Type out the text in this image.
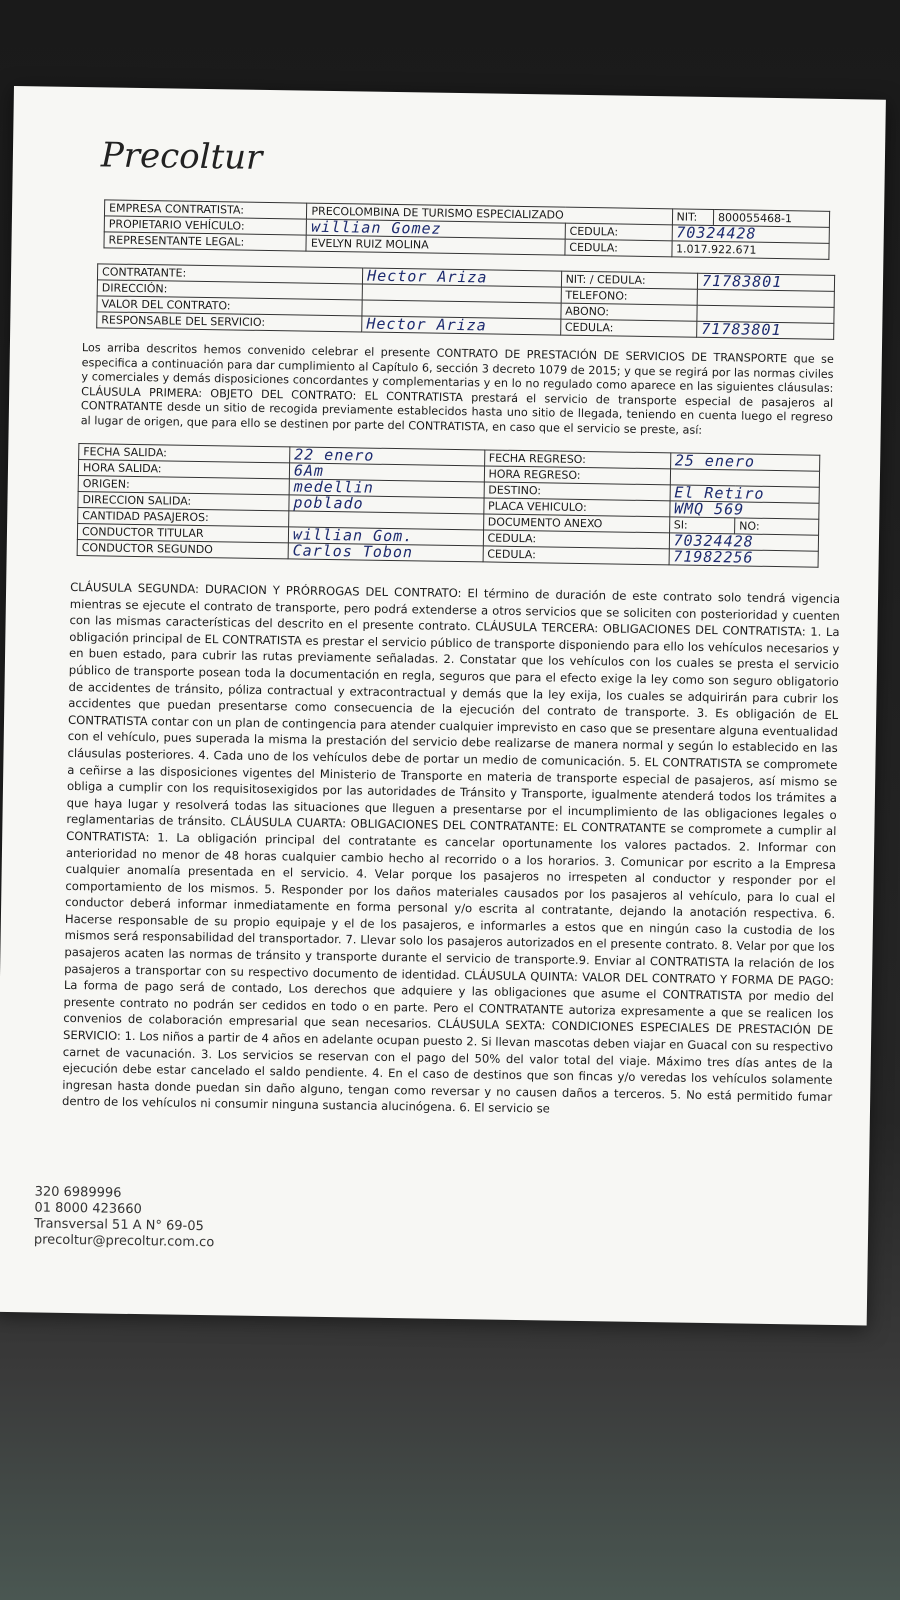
Precoltur
EMPRESA CONTRATISTA:	PRECOLOMBINA DE TURISMO ESPECIALIZADO		NIT:	800055468-1
PROPIETARIO VEHÍCULO:	willian Gomez	CEDULA:	70324428	
REPRESENTANTE LEGAL:	EVELYN RUIZ MOLINA	CEDULA:	1.017.922.671	
CONTRATANTE:	Hector Ariza	NIT: / CEDULA:	71783801
DIRECCIÓN:		TELEFONO:	
VALOR DEL CONTRATO:		ABONO:	
RESPONSABLE DEL SERVICIO:	Hector Ariza	CEDULA:	71783801
Los arriba descritos hemos convenido celebrar el presente CONTRATO DE PRESTACIÓN DE SERVICIOS DE TRANSPORTE que se especifica a continuación para dar cumplimiento al Capítulo 6, sección 3 decreto 1079 de 2015; y que se regirá por las normas civiles y comerciales y demás disposiciones concordantes y complementarias y en lo no regulado como aparece en las siguientes cláusulas: CLÁUSULA PRIMERA: OBJETO DEL CONTRATO: EL CONTRATISTA prestará el servicio de transporte especial de pasajeros al CONTRATANTE desde un sitio de recogida previamente establecidos hasta uno sitio de llegada, teniendo en cuenta luego el regreso al lugar de origen, que para ello se destinen por parte del CONTRATISTA, en caso que el servicio se preste, así:
FECHA SALIDA:	22 enero	FECHA REGRESO:	25 enero	
HORA SALIDA:	6Am	HORA REGRESO:		
ORIGEN:	medellin	DESTINO:	El Retiro	
DIRECCION SALIDA:	poblado	PLACA VEHICULO:	WMQ 569	
CANTIDAD PASAJEROS:		DOCUMENTO ANEXO	SI:	NO:
CONDUCTOR TITULAR	willian Gom.	CEDULA:	70324428	
CONDUCTOR SEGUNDO	Carlos Tobon	CEDULA:	71982256	
CLÁUSULA SEGUNDA: DURACION Y PRÓRROGAS DEL CONTRATO: El término de duración de este contrato solo tendrá vigencia mientras se ejecute el contrato de transporte, pero podrá extenderse a otros servicios que se soliciten con posterioridad y cuenten con las mismas características del descrito en el presente contrato. CLÁUSULA TERCERA: OBLIGACIONES DEL CONTRATISTA: 1. La obligación principal de EL CONTRATISTA es prestar el servicio público de transporte disponiendo para ello los vehículos necesarios y en buen estado, para cubrir las rutas previamente señaladas. 2. Constatar que los vehículos con los cuales se presta el servicio público de transporte posean toda la documentación en regla, seguros que para el efecto exige la ley como son seguro obligatorio de accidentes de tránsito, póliza contractual y extracontractual y demás que la ley exija, los cuales se adquirirán para cubrir los accidentes que puedan presentarse como consecuencia de la ejecución del contrato de transporte. 3. Es obligación de EL CONTRATISTA contar con un plan de contingencia para atender cualquier imprevisto en caso que se presentare alguna eventualidad con el vehículo, pues superada la misma la prestación del servicio debe realizarse de manera normal y según lo establecido en las cláusulas posteriores. 4. Cada uno de los vehículos debe de portar un medio de comunicación. 5. EL CONTRATISTA se compromete a ceñirse a las disposiciones vigentes del Ministerio de Transporte en materia de transporte especial de pasajeros, así mismo se obliga a cumplir con los requisitosexigidos por las autoridades de Tránsito y Transporte, igualmente atenderá todos los trámites a que haya lugar y resolverá todas las situaciones que lleguen a presentarse por el incumplimiento de las obligaciones legales o reglamentarias de tránsito. CLÁUSULA CUARTA: OBLIGACIONES DEL CONTRATANTE: EL CONTRATANTE se compromete a cumplir al CONTRATISTA: 1. La obligación principal del contratante es cancelar oportunamente los valores pactados. 2. Informar con anterioridad no menor de 48 horas cualquier cambio hecho al recorrido o a los horarios. 3. Comunicar por escrito a la Empresa cualquier anomalía presentada en el servicio. 4. Velar porque los pasajeros no irrespeten al conductor y responder por el comportamiento de los mismos. 5. Responder por los daños materiales causados por los pasajeros al vehículo, para lo cual el conductor deberá informar inmediatamente en forma personal y/o escrita al contratante, dejando la anotación respectiva. 6. Hacerse responsable de su propio equipaje y el de los pasajeros, e informarles a estos que en ningún caso la custodia de los mismos será responsabilidad del transportador. 7. Llevar solo los pasajeros autorizados en el presente contrato. 8. Velar por que los pasajeros acaten las normas de tránsito y transporte durante el servicio de transporte.9. Enviar al CONTRATISTA la relación de los pasajeros a transportar con su respectivo documento de identidad. CLÁUSULA QUINTA: VALOR DEL CONTRATO Y FORMA DE PAGO: La forma de pago será de contado, Los derechos que adquiere y las obligaciones que asume el CONTRATISTA por medio del presente contrato no podrán ser cedidos en todo o en parte. Pero el CONTRATANTE autoriza expresamente a que se realicen los convenios de colaboración empresarial que sean necesarios. CLÁUSULA SEXTA: CONDICIONES ESPECIALES DE PRESTACIÓN DE SERVICIO: 1. Los niños a partir de 4 años en adelante ocupan puesto 2. Si llevan mascotas deben viajar en Guacal con su respectivo carnet de vacunación. 3. Los servicios se reservan con el pago del 50% del valor total del viaje. Máximo tres días antes de la ejecución debe estar cancelado el saldo pendiente. 4. En el caso de destinos que son fincas y/o veredas los vehículos solamente ingresan hasta donde puedan sin daño alguno, tengan como reversar y no causen daños a terceros. 5. No está permitido fumar dentro de los vehículos ni consumir ninguna sustancia alucinógena. 6. El servicio se
320 6989996
01 8000 423660
Transversal 51 A N° 69-05
precoltur@precoltur.com.co
